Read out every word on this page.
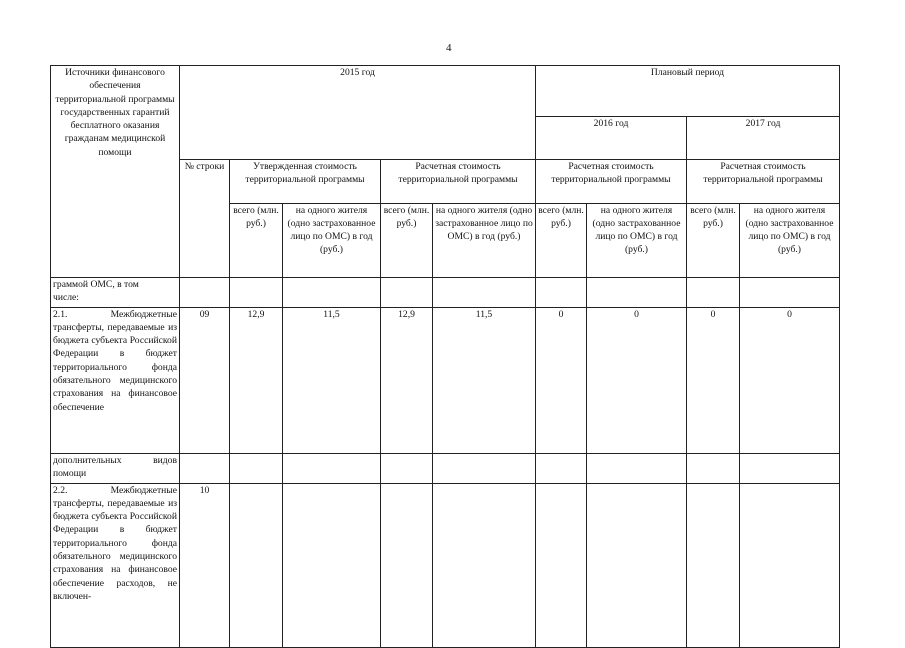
4
Источники финансового обеспечения территориальной программы государственных гарантий бесплатного оказания гражданам медицинской помощи	2015 год					Плановый период			
						2016 год		2017 год	
	№ строки	Утвержденная стоимость территориальной программы		Расчетная стоимость территориальной программы		Расчетная стоимость территориальной программы		Расчетная стоимость территориальной программы	
		всего (млн. руб.)	на одного жителя (одно застрахованное лицо по ОМС) в год (руб.)	всего (млн. руб.)	на одного жителя (одно застрахованное лицо по ОМС) в год (руб.)	всего (млн. руб.)	на одного жителя (одно застрахованное лицо по ОМС) в год (руб.)	всего (млн. руб.)	на одного жителя (одно застрахованное лицо по ОМС) в год (руб.)

граммой ОМС, в том
числе:									

2.1. Межбюджетные трансферты, передаваемые из бюджета субъекта Российской Федерации в бюджет территориального фонда обязательного медицинского страхования на финансовое обеспечение	09	12,9	11,5	12,9	11,5	0	0	0	0
дополнительных видов помощи									
2.2. Межбюджетные трансферты, передаваемые из бюджета субъекта Российской Федерации в бюджет территориального фонда обязательного медицинского страхования на финансовое обеспечение расходов, не включен-	10								
